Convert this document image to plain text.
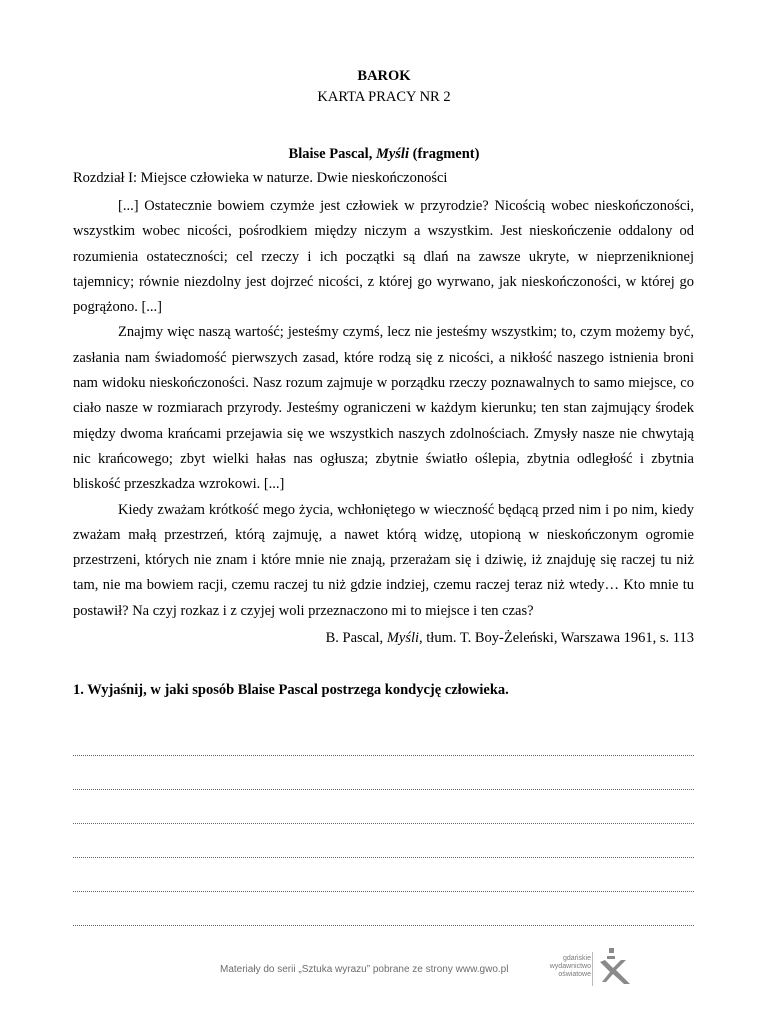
BAROK
KARTA PRACY NR 2
Blaise Pascal, Myśli (fragment)
Rozdział I: Miejsce człowieka w naturze. Dwie nieskończoności

[...] Ostatecznie bowiem czymże jest człowiek w przyrodzie? Nicością wobec nieskończoności, wszystkim wobec nicości, pośrodkiem między niczym a wszystkim. Jest nieskończenie oddalony od rozumienia ostateczności; cel rzeczy i ich początki są dlań na zawsze ukryte, w nieprzeniknionej tajemnicy; równie niezdolny jest dojrzeć nicości, z której go wyrwano, jak nieskończoności, w której go pogrążono. [...]

Znajmy więc naszą wartość; jesteśmy czymś, lecz nie jesteśmy wszystkim; to, czym możemy być, zasłania nam świadomość pierwszych zasad, które rodzą się z nicości, a nikłość naszego istnienia broni nam widoku nieskończoności. Nasz rozum zajmuje w porządku rzeczy poznawalnych to samo miejsce, co ciało nasze w rozmiarach przyrody. Jesteśmy ograniczeni w każdym kierunku; ten stan zajmujący środek między dwoma krańcami przejawia się we wszystkich naszych zdolnościach. Zmysły nasze nie chwytają nic krańcowego; zbyt wielki hałas nas ogłusza; zbytnie światło oślepia, zbytnia odległość i zbytnia bliskość przeszkadza wzrokowi. [...]

Kiedy zważam krótkość mego życia, wchłoniętego w wieczność będącą przed nim i po nim, kiedy zważam małą przestrzeń, którą zajmuję, a nawet którą widzę, utopioną w nieskończonym ogromie przestrzeni, których nie znam i które mnie nie znają, przerażam się i dziwię, iż znajduję się raczej tu niż tam, nie ma bowiem racji, czemu raczej tu niż gdzie indziej, czemu raczej teraz niż wtedy… Kto mnie tu postawił? Na czyj rozkaz i z czyjej woli przeznaczono mi to miejsce i ten czas?

B. Pascal, Myśli, tłum. T. Boy-Żeleński, Warszawa 1961, s. 113
1. Wyjaśnij, w jaki sposób Blaise Pascal postrzega kondycję człowieka.
Materiały do serii „Sztuka wyrazu” pobrane ze strony www.gwo.pl
gdańskie
wydawnictwo
oświatowe
